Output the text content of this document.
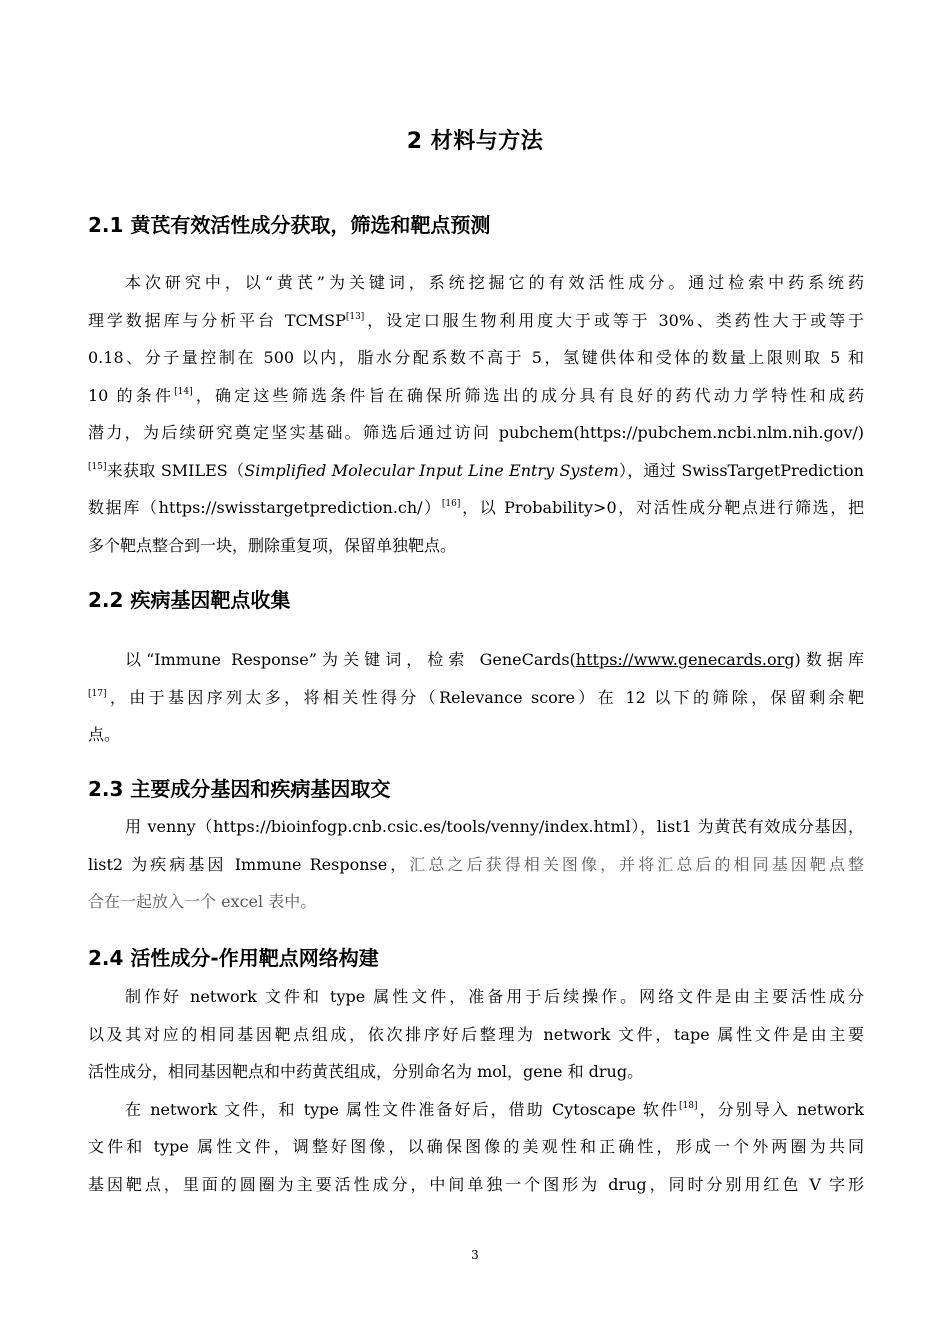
2 材料与方法
2.1 黄芪有效活性成分获取，筛选和靶点预测
本次研究中，以“黄芪”为关键词，系统挖掘它的有效活性成分。通过检索中药系统药
理学数据库与分析平台 TCMSP[13]，设定口服生物利用度大于或等于 30%、类药性大于或等于
0.18、分子量控制在 500 以内，脂水分配系数不高于 5，氢键供体和受体的数量上限则取 5 和
10 的条件[14]，确定这些筛选条件旨在确保所筛选出的成分具有良好的药代动力学特性和成药
潜力，为后续研究奠定坚实基础。筛选后通过访问 pubchem(https://pubchem.ncbi.nlm.nih.gov/)
[15]来获取 SMILES（Simplified Molecular Input Line Entry System），通过 SwissTargetPrediction
数据库（https://swisstargetprediction.ch/）[16]，以 Probability>0，对活性成分靶点进行筛选，把
多个靶点整合到一块，删除重复项，保留单独靶点。
2.2 疾病基因靶点收集
以“Immune Response”为关键词，检索 GeneCards(https://www.genecards.org)数据库
[17]，由于基因序列太多，将相关性得分（Relevance score）在 12 以下的筛除，保留剩余靶
点。
2.3 主要成分基因和疾病基因取交
用 venny（https://bioinfogp.cnb.csic.es/tools/venny/index.html），list1 为黄芪有效成分基因，
list2 为疾病基因 Immune Response，汇总之后获得相关图像，并将汇总后的相同基因靶点整
合在一起放入一个 excel 表中。
2.4 活性成分-作用靶点网络构建
制作好 network 文件和 type 属性文件，准备用于后续操作。网络文件是由主要活性成分
以及其对应的相同基因靶点组成，依次排序好后整理为 network 文件，tape 属性文件是由主要
活性成分，相同基因靶点和中药黄芪组成，分别命名为 mol，gene 和 drug。
在 network 文件，和 type 属性文件准备好后，借助 Cytoscape 软件[18]，分别导入 network
文件和 type 属性文件，调整好图像，以确保图像的美观性和正确性，形成一个外两圈为共同
基因靶点，里面的圆圈为主要活性成分，中间单独一个图形为 drug，同时分别用红色 V 字形
3
